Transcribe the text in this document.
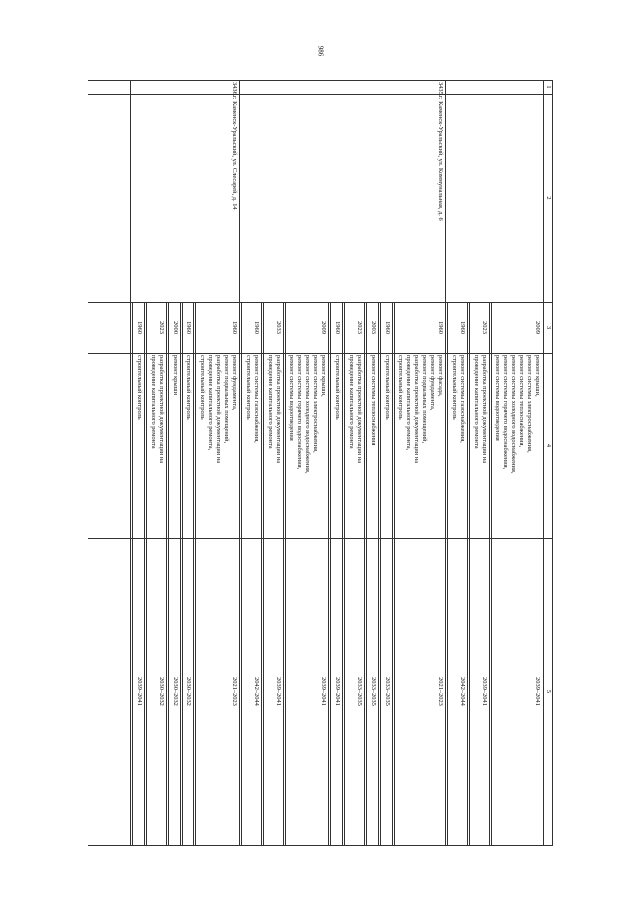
986
1
2
3
4
5
2009
ремонт крыши,
ремонт системы электроснабжения,
ремонт системы теплоснабжения,
ремонт системы холодного водоснабжения,
ремонт системы горячего водоснабжения,
ремонт системы водоотведения
2039–2041
2023
разработка проектной документации на
проведение капитального ремонта
2039–2041
1960
ремонт системы газоснабжения,
строительный контроль
2042–2044
1960
ремонт фасада,
ремонт фундамента,
ремонт подвальных помещений,
разработка проектной документации на
проведение капитального ремонта,
строительный контроль
2021–2023
1960
строительный контроль
2033–2035
2003
ремонт системы теплоснабжения
2033–2035
2023
разработка проектной документации на
проведение капитального ремонта
2033–2035
1960
строительный контроль
2039–2041
2009
ремонт крыши,
ремонт системы электроснабжения,
ремонт системы холодного водоснабжения,
ремонт системы горячего водоснабжения,
ремонт системы водоотведения
2039–2041
2033
разработка проектной документации на
проведение капитального ремонта
2039–2041
1960
ремонт системы газоснабжения,
строительный контроль
2042–2044
3435.
г. Каменск-Уральский, ул. Коммунальная, д. 6
1960
ремонт фундамента,
ремонт подвальных помещений,
разработка проектной документации на
проведение капитального ремонта,
строительный контроль
2021–2023
1960
строительный контроль
2030–2032
2000
ремонт крыши
2030–2032
2023
разработка проектной документации на
проведение капитального ремонта
2030–2032
1960
строительный контроль
2039–2041
3436.
г. Каменск-Уральский, ул. Слесарей, д. 14
